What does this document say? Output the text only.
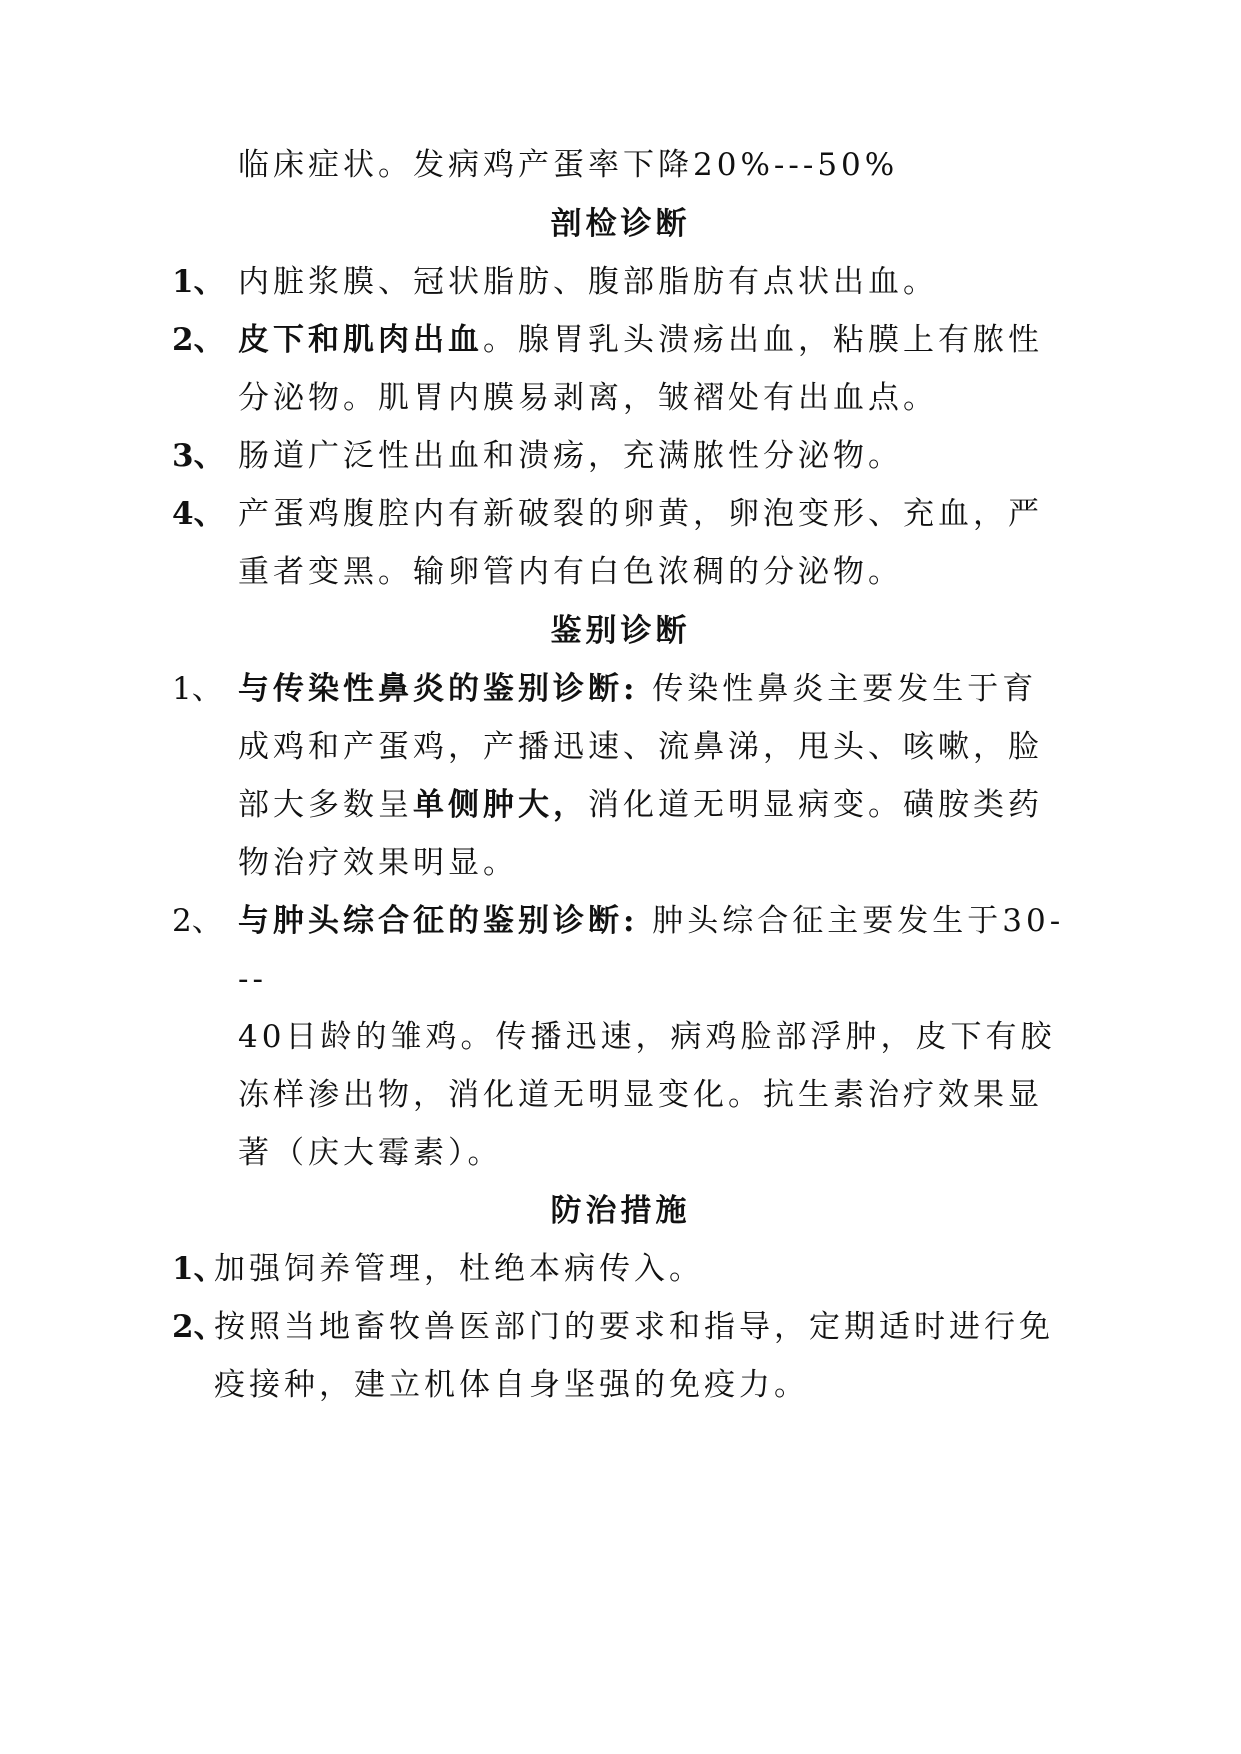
临床症状。发病鸡产蛋率下降20%---50%
剖检诊断
1、 内脏浆膜、冠状脂肪、腹部脂肪有点状出血。
2、 皮下和肌肉出血。腺胃乳头溃疡出血，粘膜上有脓性
分泌物。肌胃内膜易剥离，皱褶处有出血点。
3、 肠道广泛性出血和溃疡，充满脓性分泌物。
4、 产蛋鸡腹腔内有新破裂的卵黄，卵泡变形、充血，严
重者变黑。输卵管内有白色浓稠的分泌物。
鉴别诊断
1、 与传染性鼻炎的鉴别诊断: 传染性鼻炎主要发生于育
成鸡和产蛋鸡，产播迅速、流鼻涕，甩头、咳嗽，脸
部大多数呈单侧肿大，消化道无明显病变。磺胺类药
物治疗效果明显。
2、 与肿头综合征的鉴别诊断: 肿头综合征主要发生于30-
--
40日龄的雏鸡。传播迅速，病鸡脸部浮肿，皮下有胶
冻样渗出物，消化道无明显变化。抗生素治疗效果显
著（庆大霉素）。
防治措施
1、
加强饲养管理，杜绝本病传入。
2、
按照当地畜牧兽医部门的要求和指导，定期适时进行免
疫接种，建立机体自身坚强的免疫力。
